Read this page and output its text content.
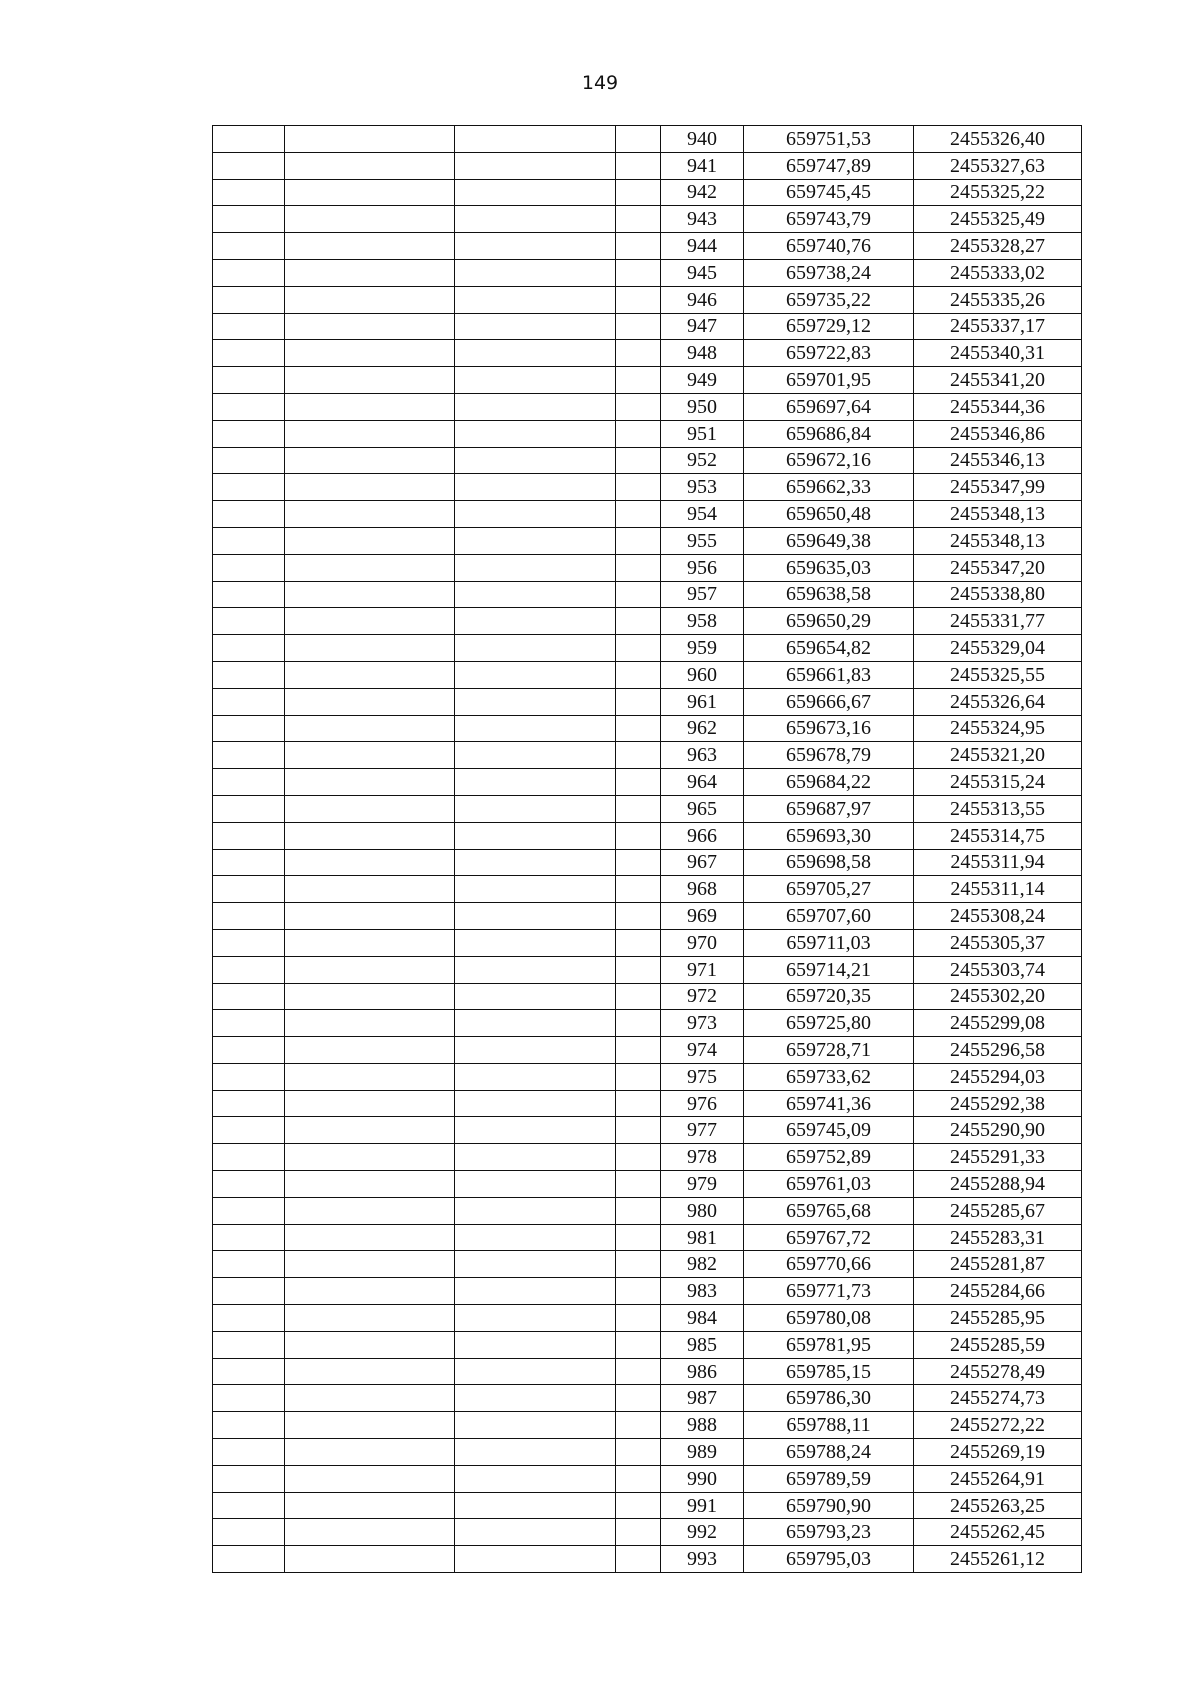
149
				940	659751,53	2455326,40
				941	659747,89	2455327,63
				942	659745,45	2455325,22
				943	659743,79	2455325,49
				944	659740,76	2455328,27
				945	659738,24	2455333,02
				946	659735,22	2455335,26
				947	659729,12	2455337,17
				948	659722,83	2455340,31
				949	659701,95	2455341,20
				950	659697,64	2455344,36
				951	659686,84	2455346,86
				952	659672,16	2455346,13
				953	659662,33	2455347,99
				954	659650,48	2455348,13
				955	659649,38	2455348,13
				956	659635,03	2455347,20
				957	659638,58	2455338,80
				958	659650,29	2455331,77
				959	659654,82	2455329,04
				960	659661,83	2455325,55
				961	659666,67	2455326,64
				962	659673,16	2455324,95
				963	659678,79	2455321,20
				964	659684,22	2455315,24
				965	659687,97	2455313,55
				966	659693,30	2455314,75
				967	659698,58	2455311,94
				968	659705,27	2455311,14
				969	659707,60	2455308,24
				970	659711,03	2455305,37
				971	659714,21	2455303,74
				972	659720,35	2455302,20
				973	659725,80	2455299,08
				974	659728,71	2455296,58
				975	659733,62	2455294,03
				976	659741,36	2455292,38
				977	659745,09	2455290,90
				978	659752,89	2455291,33
				979	659761,03	2455288,94
				980	659765,68	2455285,67
				981	659767,72	2455283,31
				982	659770,66	2455281,87
				983	659771,73	2455284,66
				984	659780,08	2455285,95
				985	659781,95	2455285,59
				986	659785,15	2455278,49
				987	659786,30	2455274,73
				988	659788,11	2455272,22
				989	659788,24	2455269,19
				990	659789,59	2455264,91
				991	659790,90	2455263,25
				992	659793,23	2455262,45
				993	659795,03	2455261,12
